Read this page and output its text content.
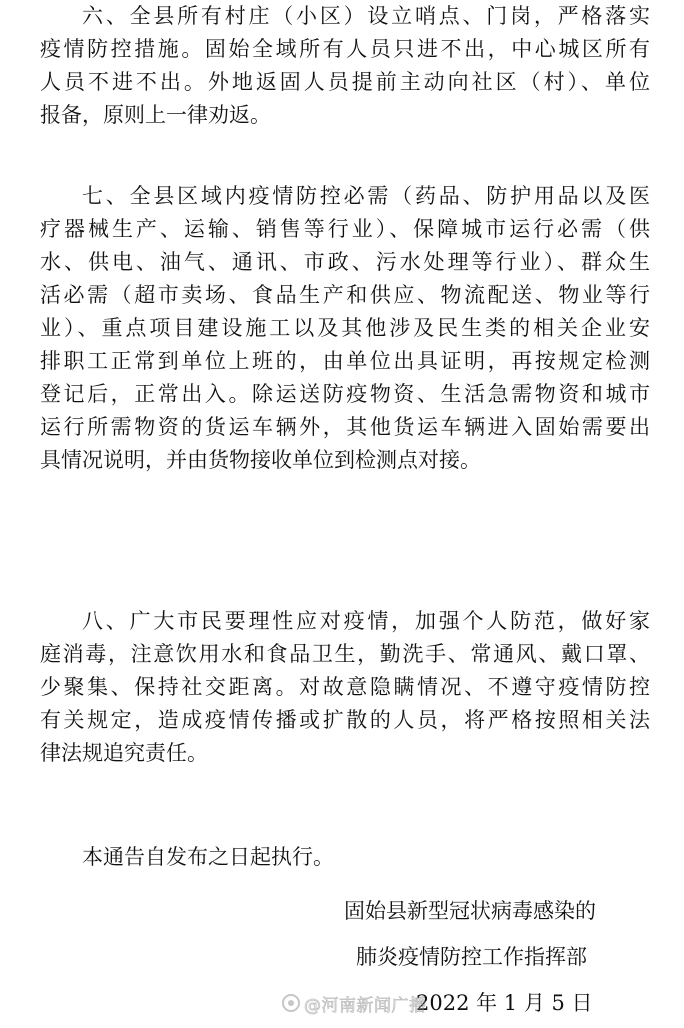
六、全县所有村庄（小区）设立哨点、门岗，严格落实
疫情防控措施。固始全域所有人员只进不出，中心城区所有
人员不进不出。外地返固人员提前主动向社区（村）、单位
报备，原则上一律劝返。
七、全县区域内疫情防控必需（药品、防护用品以及医
疗器械生产、运输、销售等行业）、保障城市运行必需（供
水、供电、油气、通讯、市政、污水处理等行业）、群众生
活必需（超市卖场、食品生产和供应、物流配送、物业等行
业）、重点项目建设施工以及其他涉及民生类的相关企业安
排职工正常到单位上班的，由单位出具证明，再按规定检测
登记后，正常出入。除运送防疫物资、生活急需物资和城市
运行所需物资的货运车辆外，其他货运车辆进入固始需要出
具情况说明，并由货物接收单位到检测点对接。
八、广大市民要理性应对疫情，加强个人防范，做好家
庭消毒，注意饮用水和食品卫生，勤洗手、常通风、戴口罩、
少聚集、保持社交距离。对故意隐瞒情况、不遵守疫情防控
有关规定，造成疫情传播或扩散的人员，将严格按照相关法
律法规追究责任。
本通告自发布之日起执行。
固始县新型冠状病毒感染的
肺炎疫情防控工作指挥部
2022 年 1 月 5 日
@河南新闻广播
